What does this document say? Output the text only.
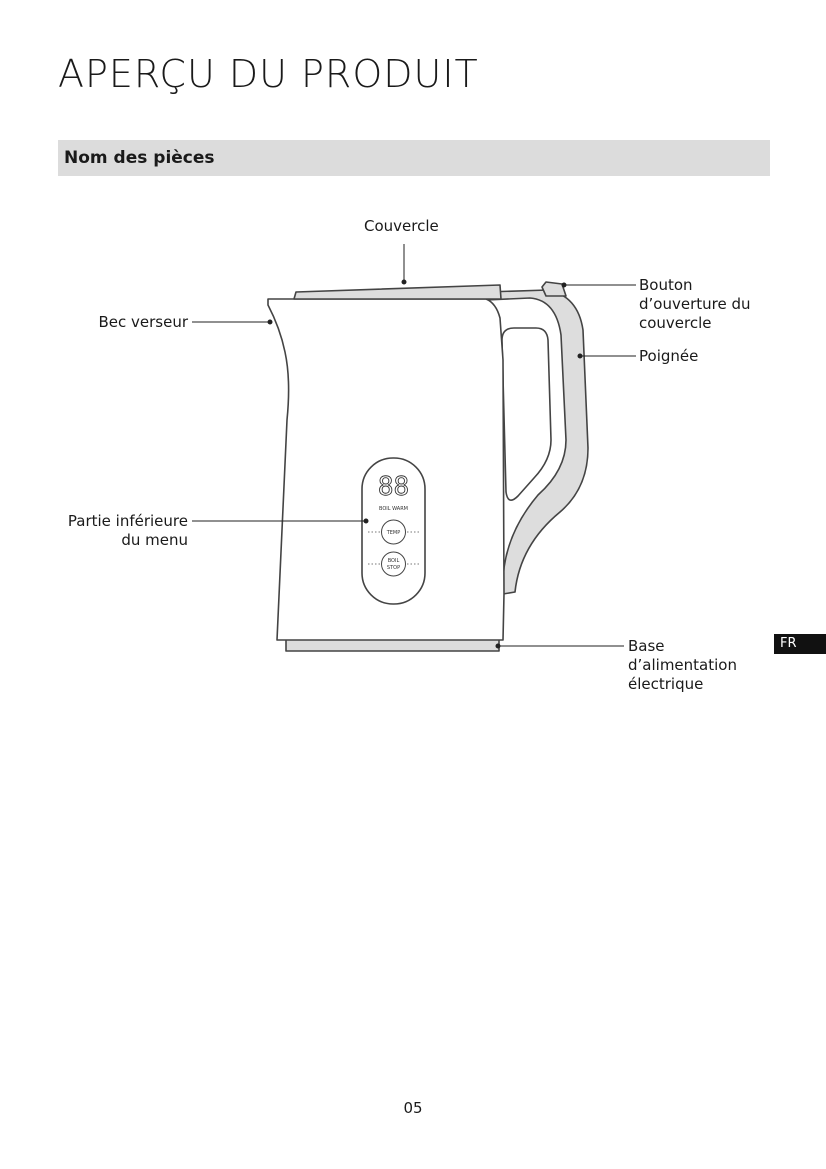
APERÇU DU PRODUIT
Nom des pièces
88
BOIL WARM
TEMP
BOIL
STOP
Couvercle
Bouton
d’ouverture du
couvercle
Bec verseur
Poignée
Partie inférieure
du menu
Base
d’alimentation
électrique
FR
05
